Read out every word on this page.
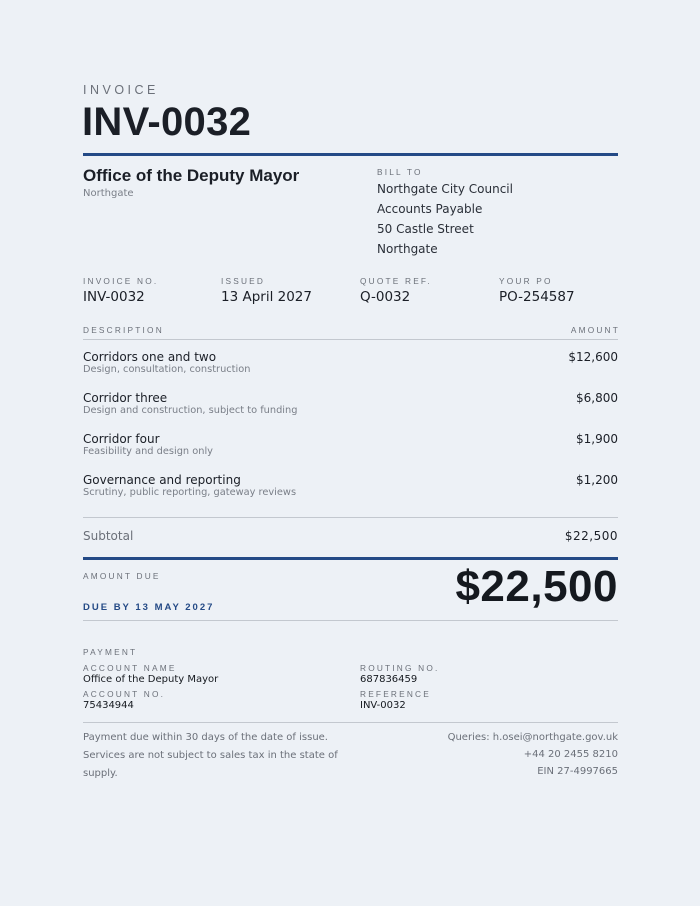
INVOICE
INV-0032
Office of the Deputy Mayor
Northgate
BILL TO
Northgate City Council
Accounts Payable
50 Castle Street
Northgate
INVOICE NO.
INV-0032
ISSUED
13 April 2027
QUOTE REF.
Q-0032
YOUR PO
PO-254587
DESCRIPTION	AMOUNT
Corridors one and two
Design, consultation, construction
$12,600
Corridor three
Design and construction, subject to funding
$6,800
Corridor four
Feasibility and design only
$1,900
Governance and reporting
Scrutiny, public reporting, gateway reviews
$1,200
Subtotal	$22,500
AMOUNT DUE
DUE BY 13 MAY 2027	$22,500
PAYMENT
ACCOUNT NAME
Office of the Deputy Mayor
ACCOUNT NO.
75434944
ROUTING NO.
687836459
REFERENCE
INV-0032
Payment due within 30 days of the date of issue. Services are not subject to sales tax in the state of supply.
Queries: h.osei@northgate.gov.uk
+44 20 2455 8210
EIN 27-4997665
